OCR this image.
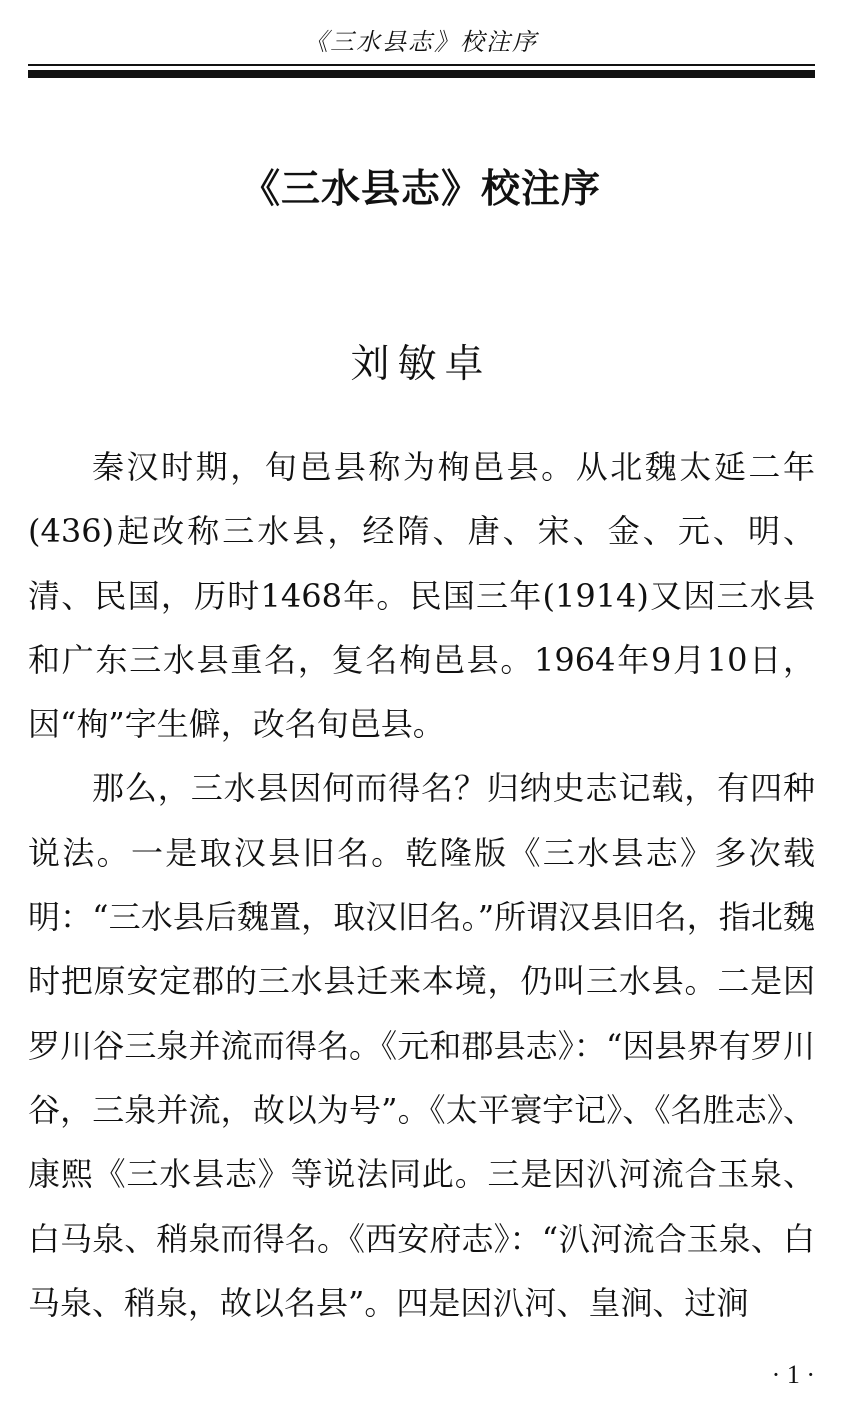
《三水县志》校注序
《三水县志》校注序
刘敏卓

秦汉时期，旬邑县称为栒邑县。从北魏太延二年(436)起改称三水县，经隋、唐、宋、金、元、明、清、民国，历时1468年。民国三年(1914)又因三水县和广东三水县重名，复名栒邑县。1964年9月10日，因“栒”字生僻，改名旬邑县。

那么，三水县因何而得名？归纳史志记载，有四种说法。一是取汉县旧名。乾隆版《三水县志》多次载明：“三水县后魏置，取汉旧名。”所谓汉县旧名，指北魏时把原安定郡的三水县迁来本境，仍叫三水县。二是因罗川谷三泉并流而得名。《元和郡县志》：“因县界有罗川谷，三泉并流，故以为号”。《太平寰宇记》、《名胜志》、康熙《三水县志》等说法同此。三是因汃河流合玉泉、白马泉、稍泉而得名。《西安府志》：“汃河流合玉泉、白马泉、稍泉，故以名县”。四是因汃河、皇涧、过涧

· 1 ·
